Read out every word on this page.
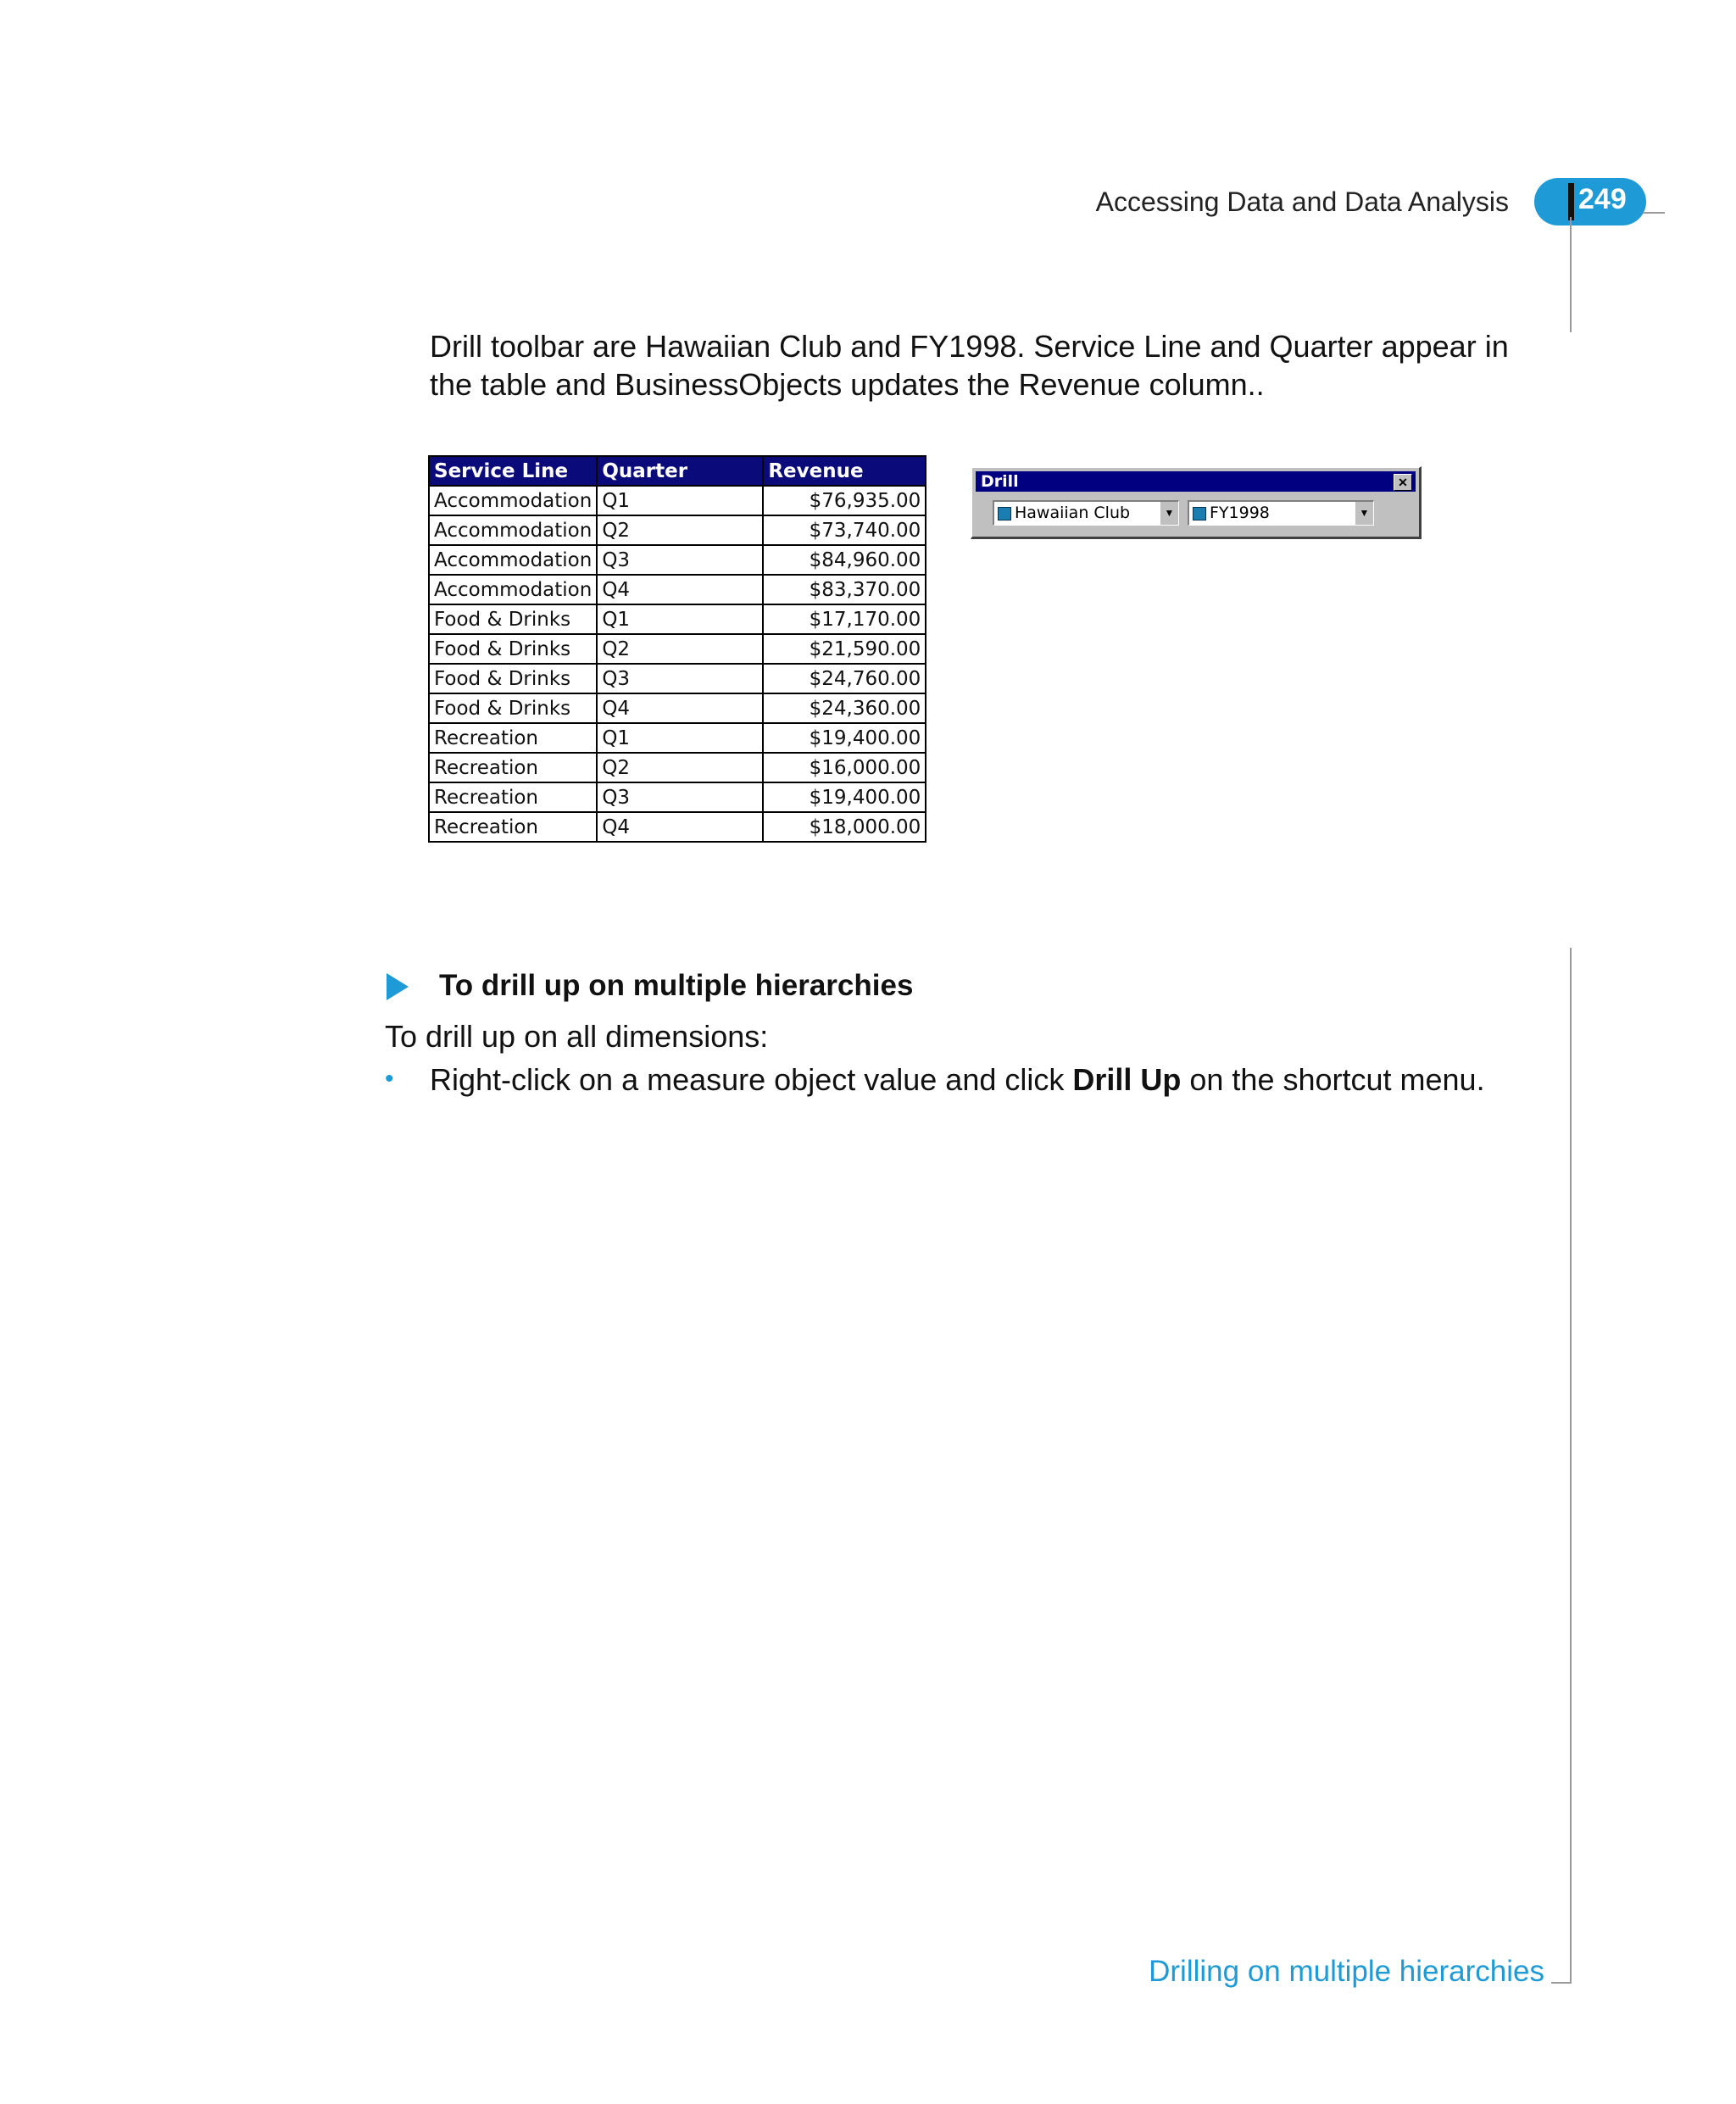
Accessing Data and Data Analysis 249
Drill toolbar are Hawaiian Club and FY1998. Service Line and Quarter appear in the table and BusinessObjects updates the Revenue column..
Service Line	Quarter	Revenue
Accommodation	Q1	$76,935.00
Accommodation	Q2	$73,740.00
Accommodation	Q3	$84,960.00
Accommodation	Q4	$83,370.00
Food & Drinks	Q1	$17,170.00
Food & Drinks	Q2	$21,590.00
Food & Drinks	Q3	$24,760.00
Food & Drinks	Q4	$24,360.00
Recreation	Q1	$19,400.00
Recreation	Q2	$16,000.00
Recreation	Q3	$19,400.00
Recreation	Q4	$18,000.00
Drill	✕
Hawaiian Club	▼ FY1998	▼
To drill up on multiple hierarchies
To drill up on all dimensions:
• Right-click on a measure object value and click Drill Up on the shortcut menu.
Drilling on multiple hierarchies
